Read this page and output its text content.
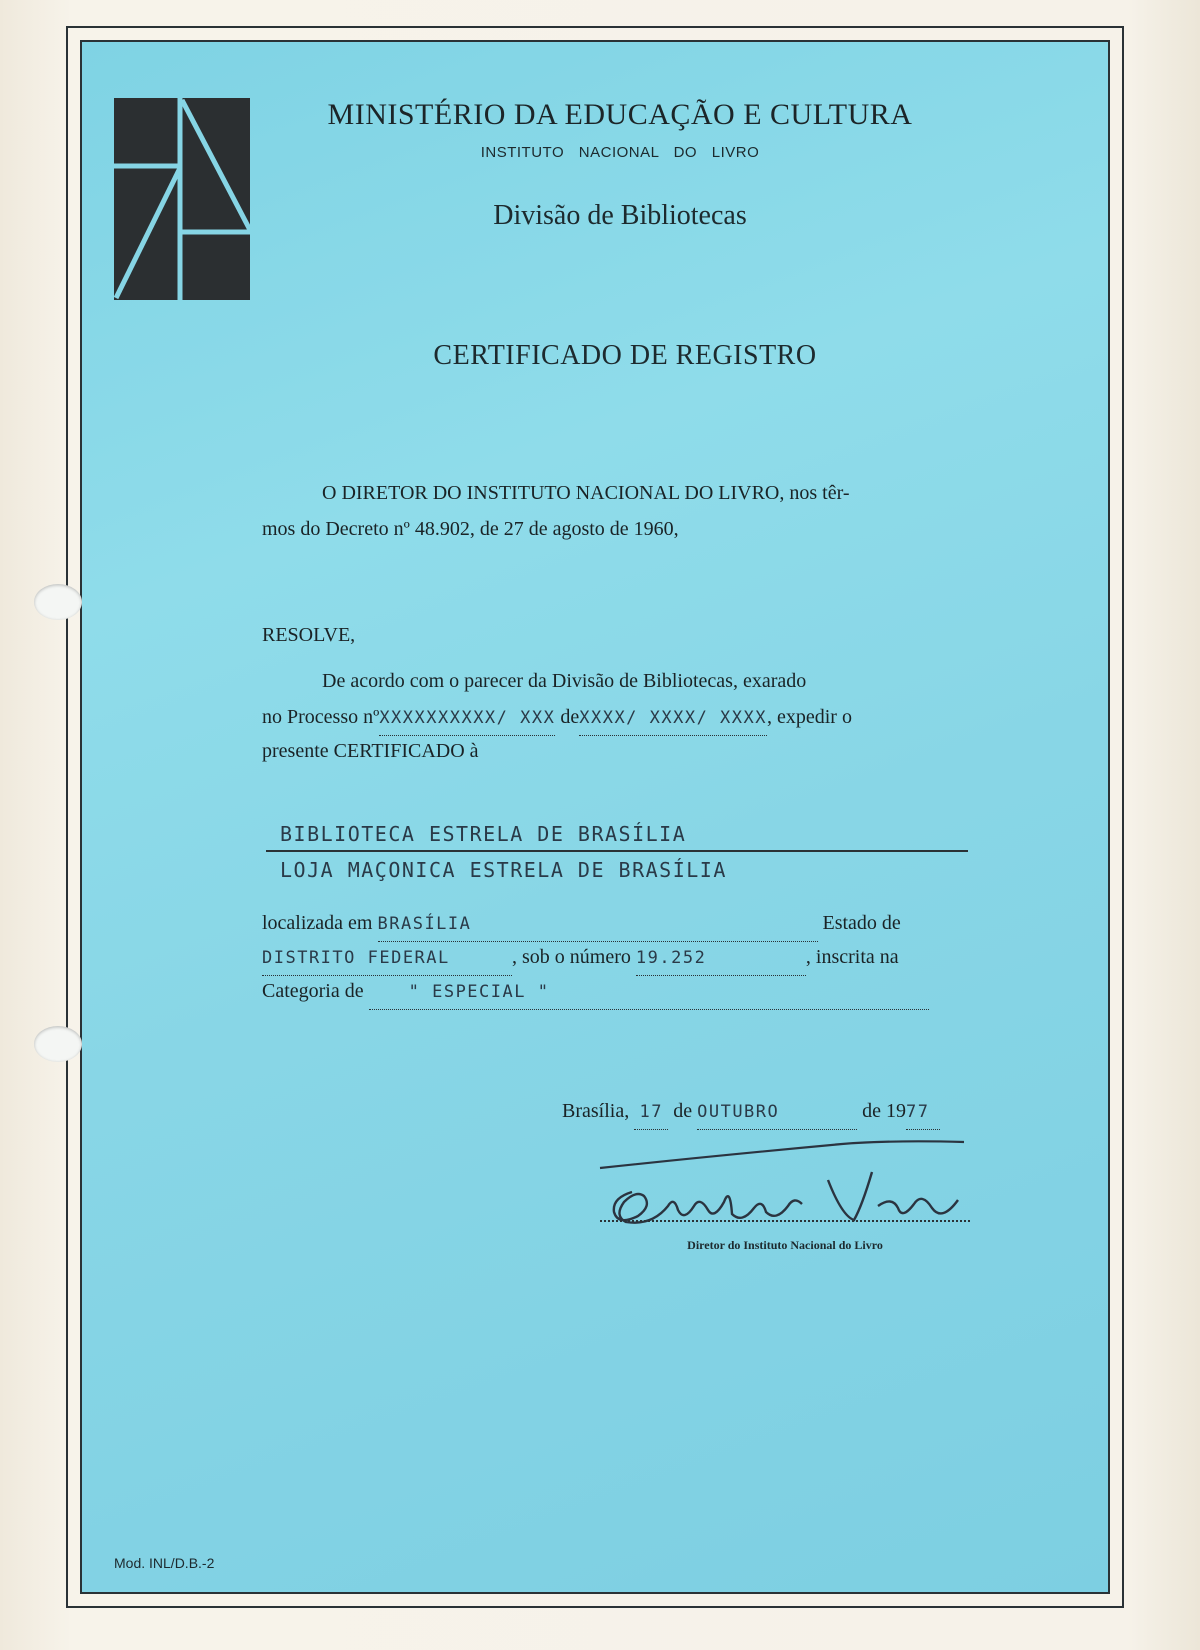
MINISTÉRIO DA EDUCAÇÃO E CULTURA
INSTITUTO NACIONAL DO LIVRO
Divisão de Bibliotecas
CERTIFICADO DE REGISTRO
O DIRETOR DO INSTITUTO NACIONAL DO LIVRO, nos têr-
mos do Decreto nº 48.902, de 27 de agosto de 1960,
RESOLVE,
De acordo com o parecer da Divisão de Bibliotecas, exarado
no Processo nºXXXXXXXXXX/ XXX deXXXX/ XXXX/ XXXX, expedir o
presente CERTIFICADO à
BIBLIOTECA ESTRELA DE BRASÍLIA
LOJA MAÇONICA ESTRELA DE BRASÍLIA
localizada em BRASÍLIA	Estado de
DISTRITO FEDERAL	, sob o número 19.252	, inscrita na
Categoria de	" ESPECIAL "
Brasília, 17 de OUTUBRO	de 1977
Diretor do Instituto Nacional do Livro
Mod. INL/D.B.-2
